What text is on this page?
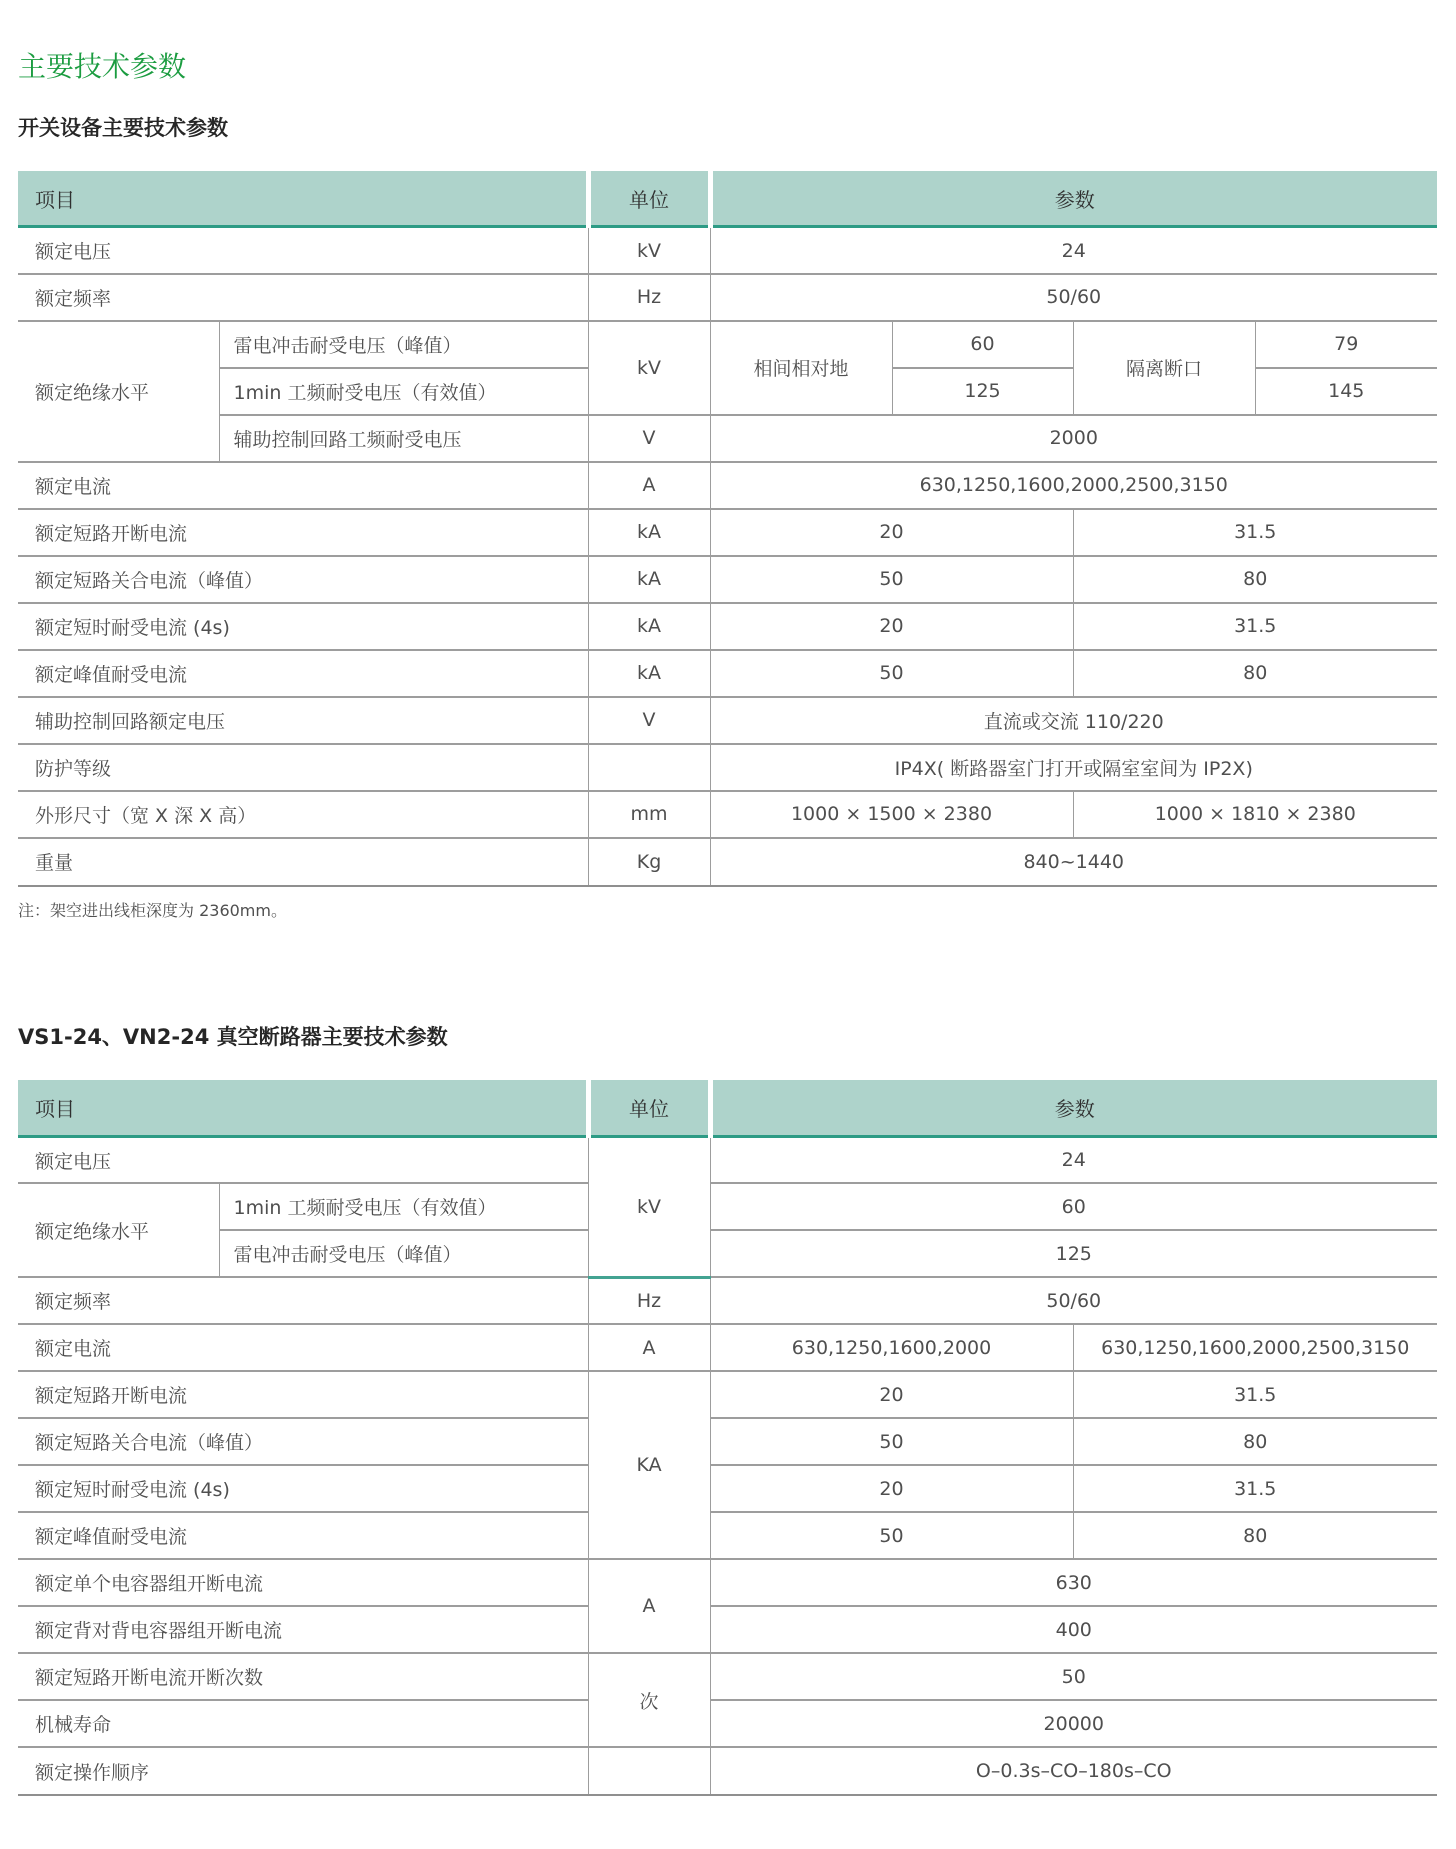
主要技术参数
开关设备主要技术参数
项目		单位	参数			
额定电压		kV	24			
额定频率		Hz	50/60			
额定绝缘水平	雷电冲击耐受电压（峰值）	kV	相间相对地	60	隔离断口	79
	1min 工频耐受电压（有效值）			125		145
	辅助控制回路工频耐受电压	V	2000			
额定电流		A	630,1250,1600,2000,2500,3150			
额定短路开断电流		kA	20		31.5	
额定短路关合电流（峰值）		kA	50		80	
额定短时耐受电流 (4s)		kA	20		31.5	
额定峰值耐受电流		kA	50		80	
辅助控制回路额定电压		V	直流或交流 110/220			
防护等级			IP4X( 断路器室门打开或隔室室间为 IP2X)			
外形尺寸（宽 X 深 X 高）		mm	1000 × 1500 × 2380		1000 × 1810 × 2380	
重量		Kg	840~1440			

注：架空进出线柜深度为 2360mm。

VS1-24、VN2-24 真空断路器主要技术参数
项目		单位	参数	
额定电压		kV	24	
额定绝缘水平	1min 工频耐受电压（有效值）		60	
	雷电冲击耐受电压（峰值）		125	
额定频率		Hz	50/60	
额定电流		A	630,1250,1600,2000	630,1250,1600,2000,2500,3150
额定短路开断电流		KA	20	31.5
额定短路关合电流（峰值）			50	80
额定短时耐受电流 (4s)			20	31.5
额定峰值耐受电流			50	80
额定单个电容器组开断电流		A	630	
额定背对背电容器组开断电流			400	
额定短路开断电流开断次数		次	50	
机械寿命			20000	
额定操作顺序			O–0.3s–CO–180s–CO	
